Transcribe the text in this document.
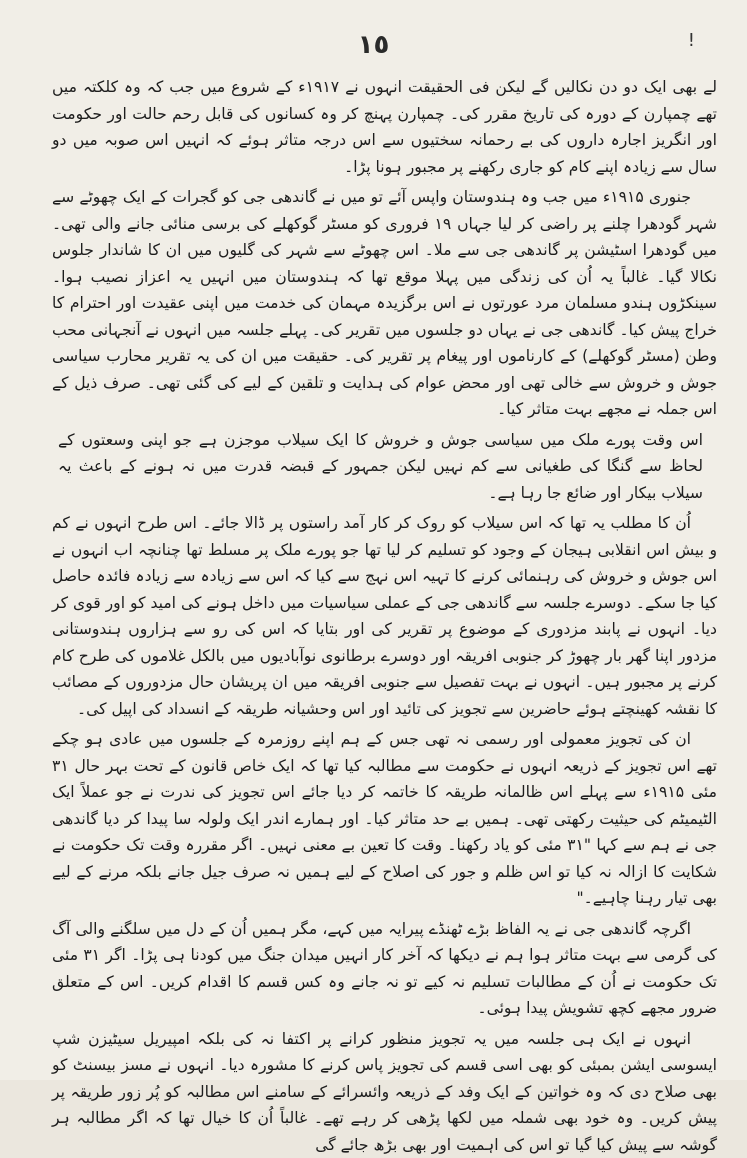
١٥	!

لے بھی ایک دو دن نکالیں گے لیکن فی الحقیقت انہوں نے ۱۹۱۷ء کے شروع میں جب کہ وہ کلکتہ میں تھے چمپارن کے دورہ کی تاریخ مقرر کی۔ چمپارن پہنچ کر وہ کسانوں کی قابل رحم حالت اور حکومت اور انگریز اجارہ داروں کی بے رحمانہ سختیوں سے اس درجہ متاثر ہوئے کہ انہیں اس صوبہ میں دو سال سے زیادہ اپنے کام کو جاری رکھنے پر مجبور ہونا پڑا۔

جنوری ۱۹۱۵ء میں جب وہ ہندوستان واپس آئے تو میں نے گاندھی جی کو گجرات کے ایک چھوٹے سے شہر گودھرا چلنے پر راضی کر لیا جہاں ۱۹ فروری کو مسٹر گوکھلے کی برسی منائی جانے والی تھی۔ میں گودھرا اسٹیشن پر گاندھی جی سے ملا۔ اس چھوٹے سے شہر کی گلیوں میں ان کا شاندار جلوس نکالا گیا۔ غالباً یہ اُن کی زندگی میں پہلا موقع تھا کہ ہندوستان میں انہیں یہ اعزاز نصیب ہوا۔ سینکڑوں ہندو مسلمان مرد عورتوں نے اس برگزیدہ مہمان کی خدمت میں اپنی عقیدت اور احترام کا خراج پیش کیا۔ گاندھی جی نے یہاں دو جلسوں میں تقریر کی۔ پہلے جلسہ میں انہوں نے آنجہانی محب وطن (مسٹر گوکھلے) کے کارناموں اور پیغام پر تقریر کی۔ حقیقت میں ان کی یہ تقریر محارب سیاسی جوش و خروش سے خالی تھی اور محض عوام کی ہدایت و تلقین کے لیے کی گئی تھی۔ صرف ذیل کے اس جملہ نے مجھے بہت متاثر کیا۔

اس وقت پورے ملک میں سیاسی جوش و خروش کا ایک سیلاب موجزن ہے جو اپنی وسعتوں کے لحاظ سے گنگا کی طغیانی سے کم نہیں لیکن جمہور کے قبضہ قدرت میں نہ ہونے کے باعث یہ سیلاب بیکار اور ضائع جا رہا ہے۔

اُن کا مطلب یہ تھا کہ اس سیلاب کو روک کر کار آمد راستوں پر ڈالا جائے۔ اس طرح انہوں نے کم و بیش اس انقلابی ہیجان کے وجود کو تسلیم کر لیا تھا جو پورے ملک پر مسلط تھا چنانچہ اب انہوں نے اس جوش و خروش کی رہنمائی کرنے کا تہیہ اس نہج سے کیا کہ اس سے زیادہ سے زیادہ فائدہ حاصل کیا جا سکے۔ دوسرے جلسہ سے گاندھی جی کے عملی سیاسیات میں داخل ہونے کی امید کو اور قوی کر دیا۔ انہوں نے پابند مزدوری کے موضوع پر تقریر کی اور بتایا کہ اس کی رو سے ہزاروں ہندوستانی مزدور اپنا گھر بار چھوڑ کر جنوبی افریقہ اور دوسرے برطانوی نوآبادیوں میں بالکل غلاموں کی طرح کام کرنے پر مجبور ہیں۔ انہوں نے بہت تفصیل سے جنوبی افریقہ میں ان پریشان حال مزدوروں کے مصائب کا نقشہ کھینچتے ہوئے حاضرین سے تجویز کی تائید اور اس وحشیانہ طریقہ کے انسداد کی اپیل کی۔

ان کی تجویز معمولی اور رسمی نہ تھی جس کے ہم اپنے روزمرہ کے جلسوں میں عادی ہو چکے تھے اس تجویز کے ذریعہ انہوں نے حکومت سے مطالبہ کیا تھا کہ ایک خاص قانون کے تحت بہر حال ۳۱ مئی ۱۹۱۵ء سے پہلے اس ظالمانہ طریقہ کا خاتمہ کر دیا جائے اس تجویز کی ندرت نے جو عملاً ایک الٹیمیٹم کی حیثیت رکھتی تھی۔ ہمیں بے حد متاثر کیا۔ اور ہمارے اندر ایک ولولہ سا پیدا کر دیا گاندھی جی نے ہم سے کہا "۳۱ مئی کو یاد رکھنا۔ وقت کا تعین بے معنی نہیں۔ اگر مقررہ وقت تک حکومت نے شکایت کا ازالہ نہ کیا تو اس ظلم و جور کی اصلاح کے لیے ہمیں نہ صرف جیل جانے بلکہ مرنے کے لیے بھی تیار رہنا چاہیے۔"

اگرچہ گاندھی جی نے یہ الفاظ بڑے ٹھنڈے پیرایہ میں کہے، مگر ہمیں اُن کے دل میں سلگنے والی آگ کی گرمی سے بہت متاثر ہوا ہم نے دیکھا کہ آخر کار انہیں میدان جنگ میں کودنا ہی پڑا۔ اگر ۳۱ مئی تک حکومت نے اُن کے مطالبات تسلیم نہ کیے تو نہ جانے وہ کس قسم کا اقدام کریں۔ اس کے متعلق ضرور مجھے کچھ تشویش پیدا ہوئی۔

انہوں نے ایک ہی جلسہ میں یہ تجویز منظور کرانے پر اکتفا نہ کی بلکہ امپیریل سیٹیزن شپ ایسوسی ایشن بمبئی کو بھی اسی قسم کی تجویز پاس کرنے کا مشورہ دیا۔ انہوں نے مسز بیسنٹ کو بھی صلاح دی کہ وہ خواتین کے ایک وفد کے ذریعہ وائسرائے کے سامنے اس مطالبہ کو پُر زور طریقہ پر پیش کریں۔ وہ خود بھی شملہ میں لکھا پڑھی کر رہے تھے۔ غالباً اُن کا خیال تھا کہ اگر مطالبہ ہر گوشہ سے پیش کیا گیا تو اس کی اہمیت اور بھی بڑھ جائے گی
